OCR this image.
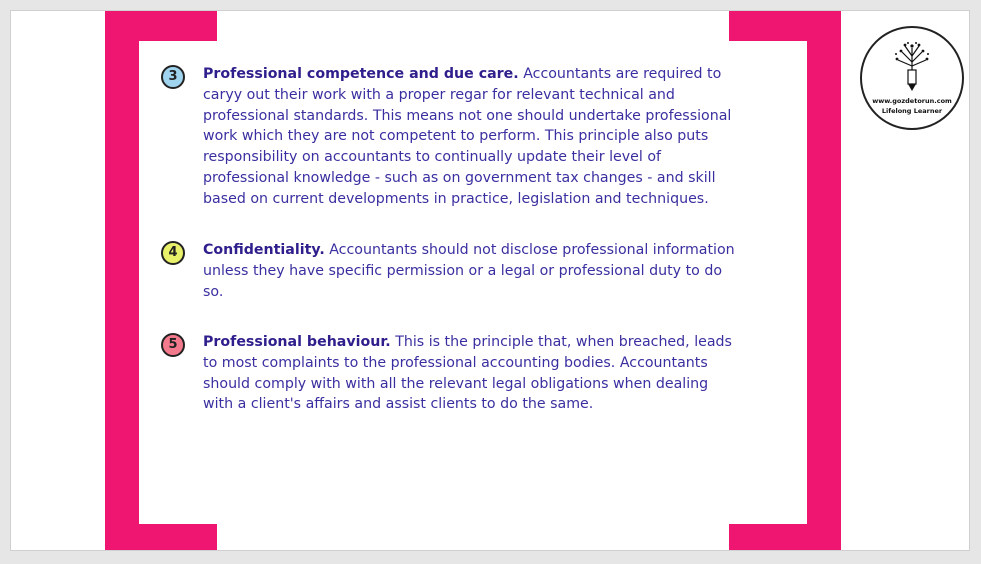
3	Professional competence and due care. Accountants are required to
caryy out their work with a proper regar for relevant technical and
professional standards. This means not one should undertake professional
work which they are not competent to perform. This principle also puts
responsibility on accountants to continually update their level of
professional knowledge - such as on government tax changes - and skill
based on current developments in practice, legislation and techniques.
4	Confidentiality. Accountants should not disclose professional information
unless they have specific permission or a legal or professional duty to do
so.
5	Professional behaviour. This is the principle that, when breached, leads
to most complaints to the professional accounting bodies. Accountants
should comply with with all the relevant legal obligations when dealing
with a client's affairs and assist clients to do the same.
www.gozdetorun.com
Lifelong Learner
